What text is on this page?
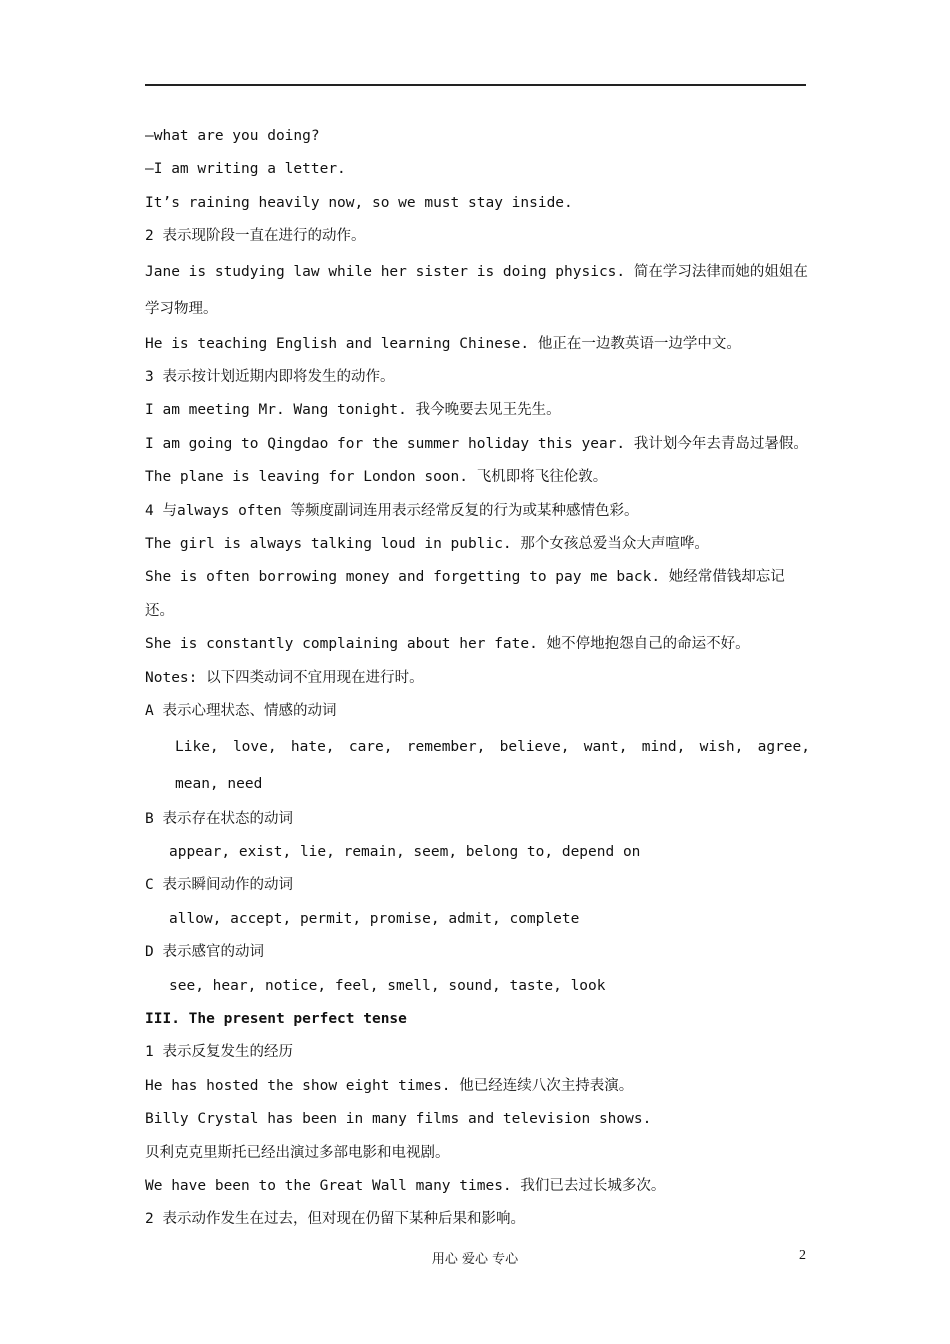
—what are you doing?
—I am writing a letter.
It’s raining heavily now, so we must stay inside.
2 表示现阶段一直在进行的动作。
Jane is studying law while her sister is doing physics. 简在学习法律而她的姐姐在学习物理。
He is teaching English and learning Chinese. 他正在一边教英语一边学中文。
3 表示按计划近期内即将发生的动作。
I am meeting Mr. Wang tonight. 我今晚要去见王先生。
I am going to Qingdao for the summer holiday this year. 我计划今年去青岛过暑假。
The plane is leaving for London soon. 飞机即将飞往伦敦。
4 与always often 等频度副词连用表示经常反复的行为或某种感情色彩。
The girl is always talking loud in public. 那个女孩总爱当众大声喧哗。
She is often borrowing money and forgetting to pay me back. 她经常借钱却忘记还。
She is constantly complaining about her fate. 她不停地抱怨自己的命运不好。
Notes: 以下四类动词不宜用现在进行时。
A 表示心理状态、情感的动词
Like, love, hate, care, remember, believe, want, mind, wish, agree, mean, need
B 表示存在状态的动词
appear, exist, lie, remain, seem, belong to, depend on
C 表示瞬间动作的动词
allow, accept, permit, promise, admit, complete
D 表示感官的动词
see, hear, notice, feel, smell, sound, taste, look
III. The present perfect tense
1 表示反复发生的经历
He has hosted the show eight times. 他已经连续八次主持表演。
Billy Crystal has been in many films and television shows.
贝利克克里斯托已经出演过多部电影和电视剧。
We have been to the Great Wall many times. 我们已去过长城多次。
2 表示动作发生在过去，但对现在仍留下某种后果和影响。
用心 爱心 专心	2
